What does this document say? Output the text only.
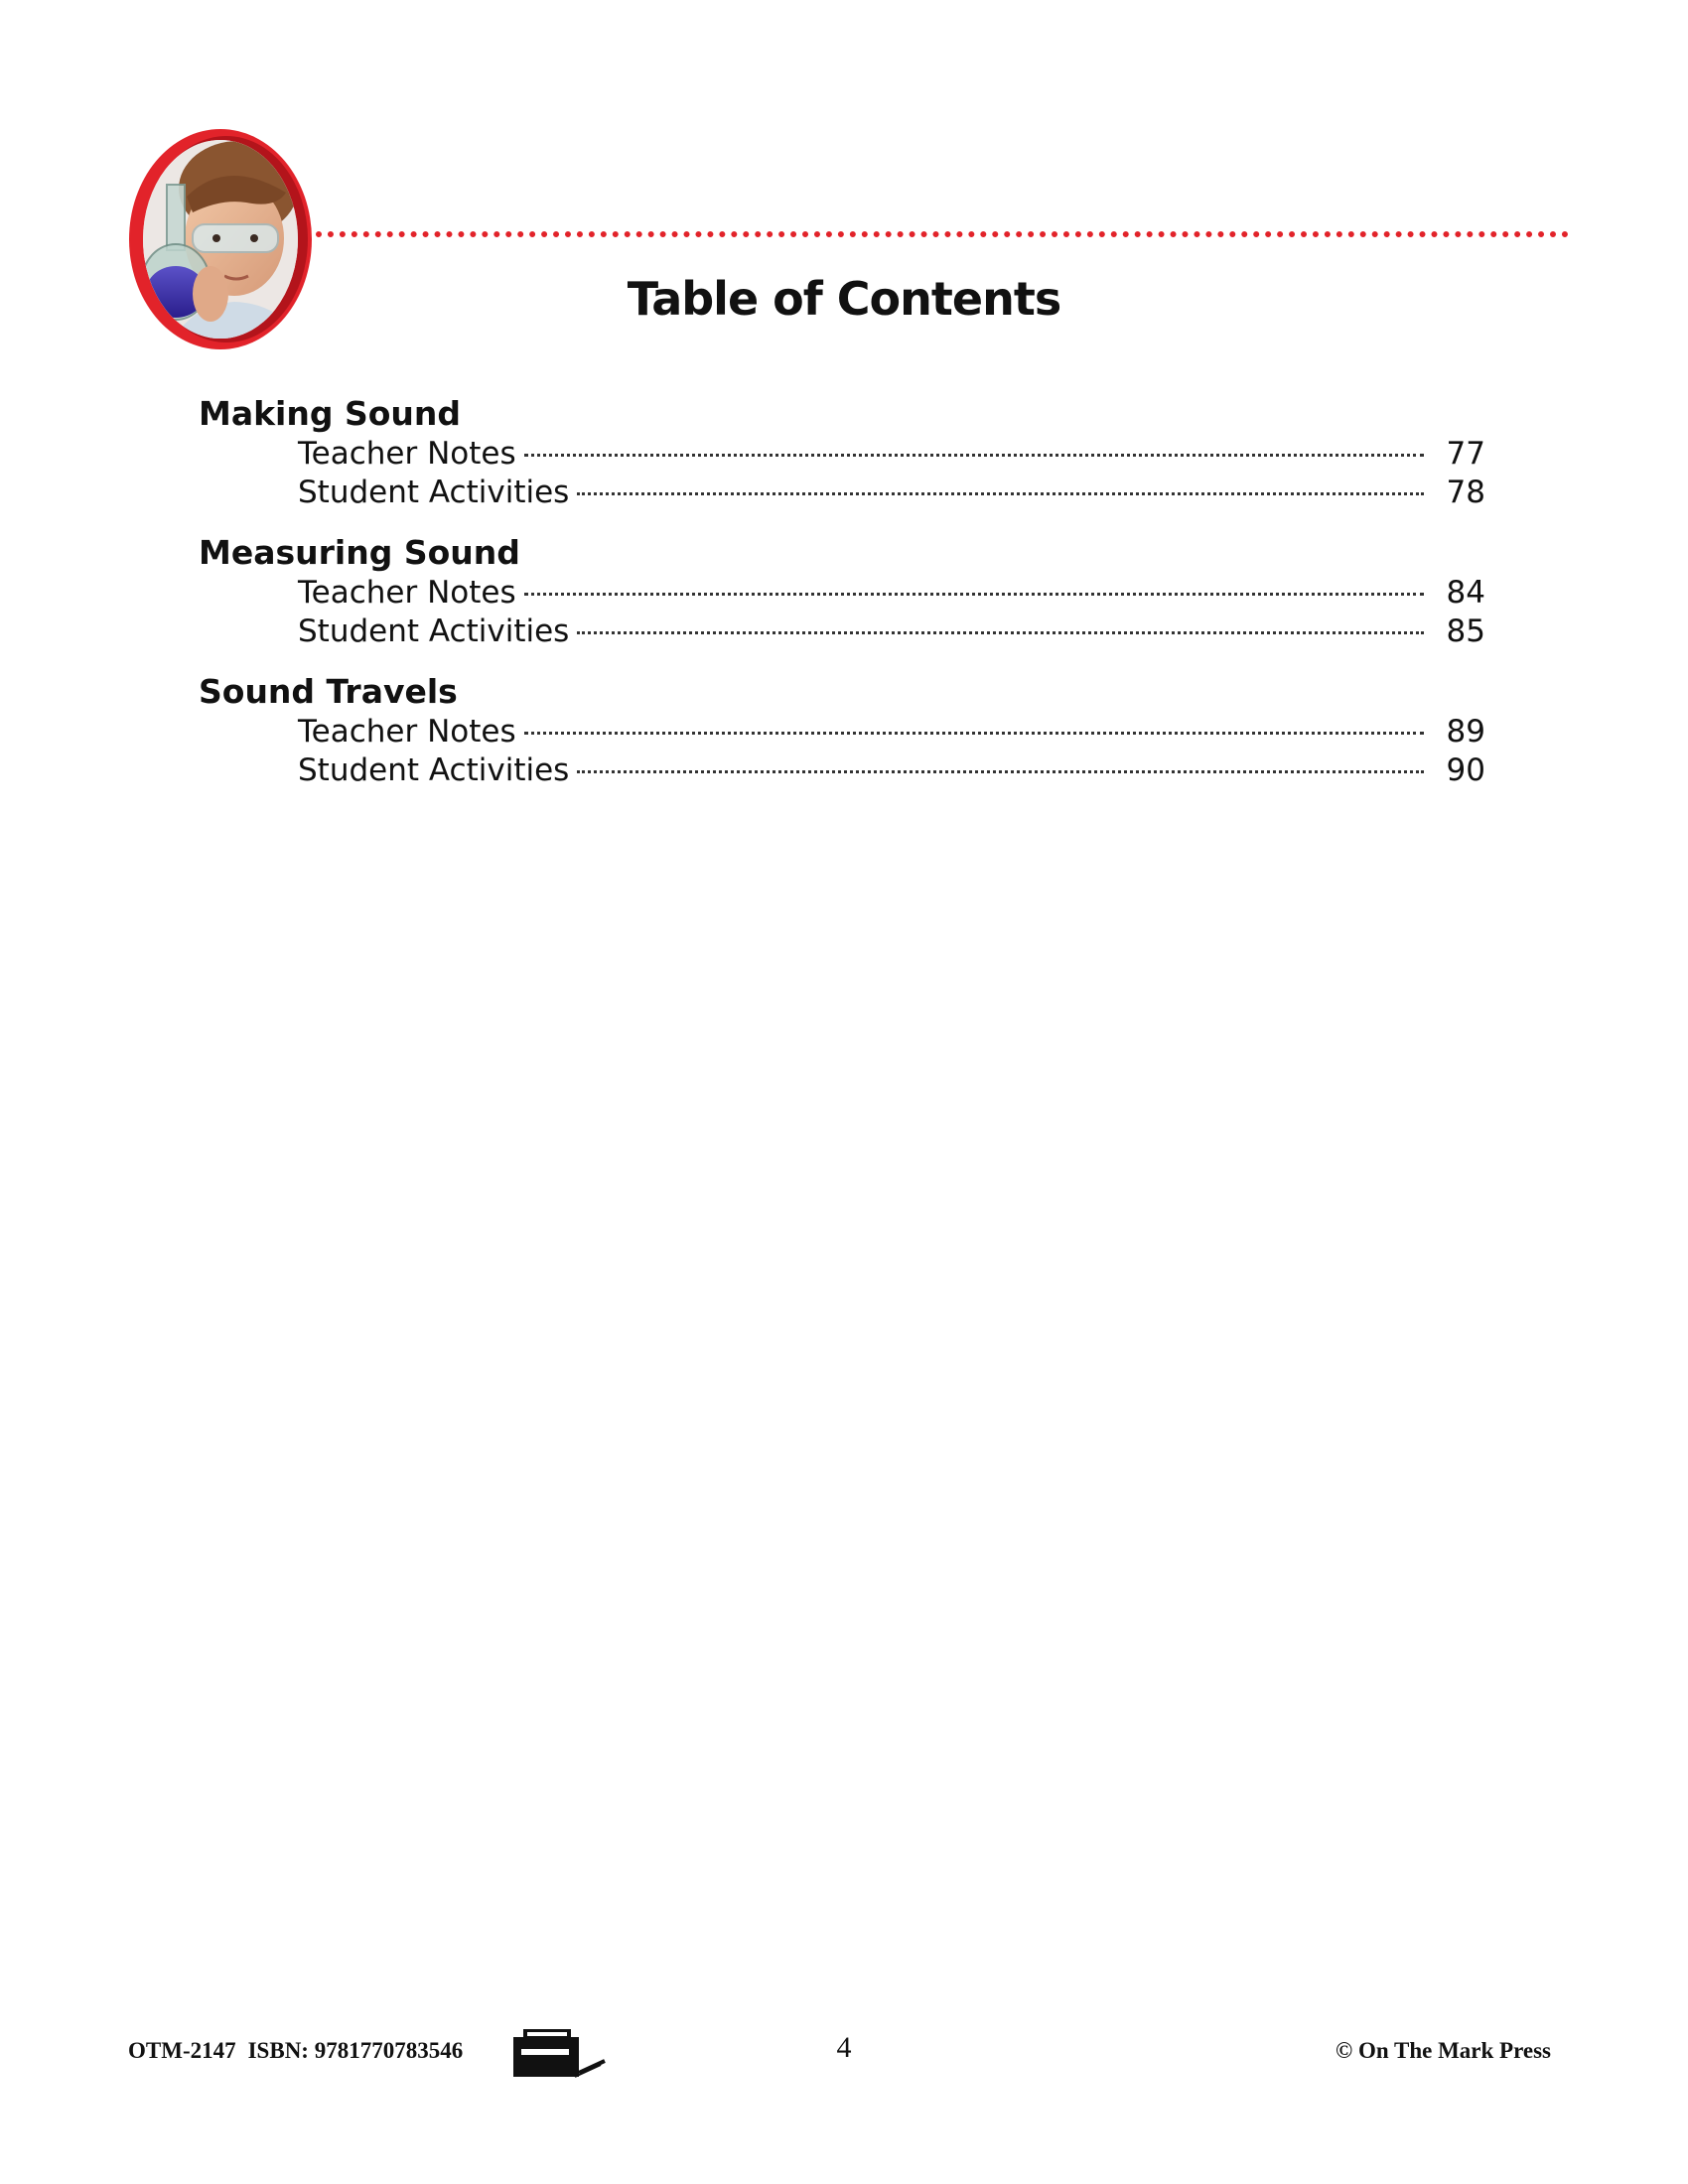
Table of Contents
Making Sound
Teacher Notes	77
Student Activities	78
Measuring Sound
Teacher Notes	84
Student Activities	85
Sound Travels
Teacher Notes	89
Student Activities	90
OTM-2147 ISBN: 9781770783546	4	© On The Mark Press
